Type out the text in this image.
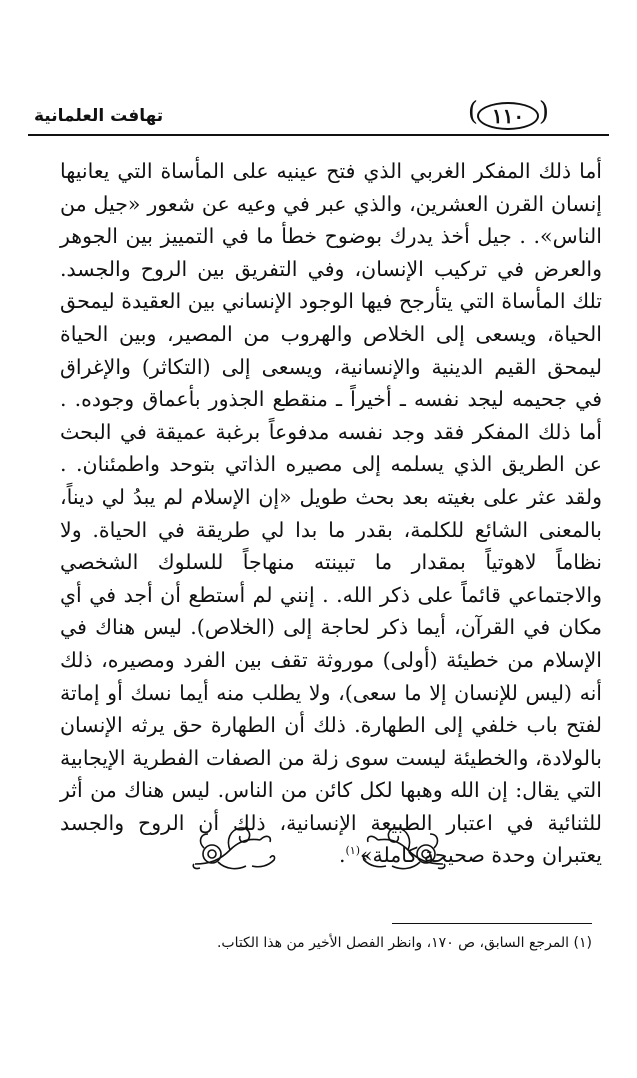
(
١١٠
)
تهافت العلمانية
أما ذلك المفكر الغربي الذي فتح عينيه على المأساة التي يعانيها إنسان القرن العشرين، والذي عبر في وعيه عن شعور «جيل من الناس». . جيل أخذ يدرك بوضوح خطأ ما في التمييز بين الجوهر والعرض في تركيب الإنسان، وفي التفريق بين الروح والجسد. تلك المأساة التي يتأرجح فيها الوجود الإنساني بين العقيدة ليمحق الحياة، ويسعى إلى الخلاص والهروب من المصير، وبين الحياة ليمحق القيم الدينية والإنسانية، ويسعى إلى (التكاثر) والإغراق في جحيمه ليجد نفسه ـ أخيراً ـ منقطع الجذور بأعماق وجوده. . أما ذلك المفكر فقد وجد نفسه مدفوعاً برغبة عميقة في البحث عن الطريق الذي يسلمه إلى مصيره الذاتي بتوحد واطمئنان. . ولقد عثر على بغيته بعد بحث طويل «إن الإسلام لم يبدُ لي ديناً، بالمعنى الشائع للكلمة، بقدر ما بدا لي طريقة في الحياة. ولا نظاماً لاهوتياً بمقدار ما تبينته منهاجاً للسلوك الشخصي والاجتماعي قائماً على ذكر الله. . إنني لم أستطع أن أجد في أي مكان في القرآن، أيما ذكر لحاجة إلى (الخلاص). ليس هناك في الإسلام من خطيئة (أولى) موروثة تقف بين الفرد ومصيره، ذلك أنه (ليس للإنسان إلا ما سعى)، ولا يطلب منه أيما نسك أو إماتة لفتح باب خلفي إلى الطهارة. ذلك أن الطهارة حق يرثه الإنسان بالولادة، والخطيئة ليست سوى زلة من الصفات الفطرية الإيجابية التي يقال: إن الله وهبها لكل كائن من الناس. ليس هناك من أثر للثنائية في اعتبار الطبيعة الإنسانية، ذلك أن الروح والجسد يعتبران وحدة صحيحة كاملة»$^{(١)}$.
(١) المرجع السابق، ص ١٧٠، وانظر الفصل الأخير من هذا الكتاب.
